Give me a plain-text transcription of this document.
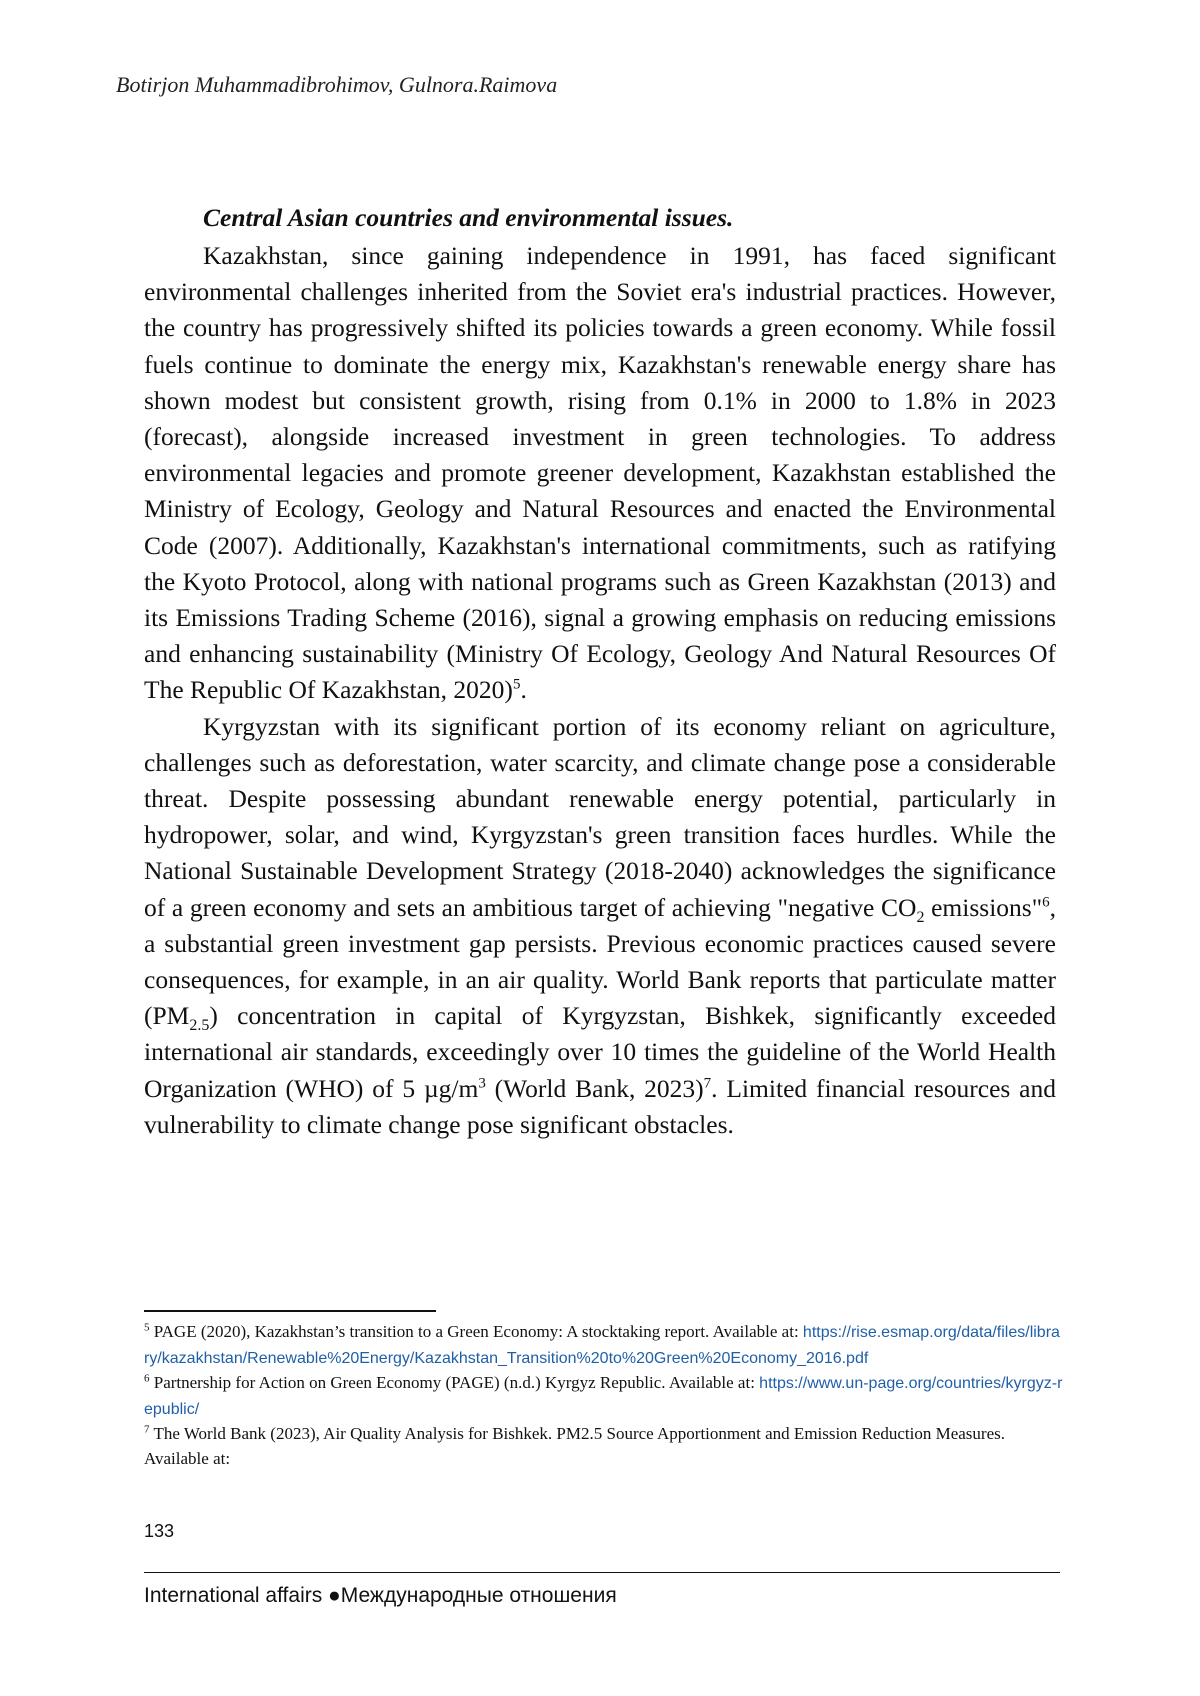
Botirjon Muhammadibrohimov, Gulnora.Raimova
Central Asian countries and environmental issues.

Kazakhstan, since gaining independence in 1991, has faced significant environmental challenges inherited from the Soviet era's industrial practices. However, the country has progressively shifted its policies towards a green economy. While fossil fuels continue to dominate the energy mix, Kazakhstan's renewable energy share has shown modest but consistent growth, rising from 0.1% in 2000 to 1.8% in 2023 (forecast), alongside increased investment in green technologies. To address environmental legacies and promote greener development, Kazakhstan established the Ministry of Ecology, Geology and Natural Resources and enacted the Environmental Code (2007). Additionally, Kazakhstan's international commitments, such as ratifying the Kyoto Protocol, along with national programs such as Green Kazakhstan (2013) and its Emissions Trading Scheme (2016), signal a growing emphasis on reducing emissions and enhancing sustainability (Ministry Of Ecology, Geology And Natural Resources Of The Republic Of Kazakhstan, 2020)$^5$.

Kyrgyzstan with its significant portion of its economy reliant on agriculture, challenges such as deforestation, water scarcity, and climate change pose a considerable threat. Despite possessing abundant renewable energy potential, particularly in hydropower, solar, and wind, Kyrgyzstan's green transition faces hurdles. While the National Sustainable Development Strategy (2018-2040) acknowledges the significance of a green economy and sets an ambitious target of achieving "negative $CO_2$ emissions"$^6$, a substantial green investment gap persists. Previous economic practices caused severe consequences, for example, in an air quality. World Bank reports that particulate matter $(PM_{2.5})$ concentration in capital of Kyrgyzstan, Bishkek, significantly exceeded international air standards, exceedingly over 10 times the guideline of the World Health Organization (WHO) of 5 $\mu g/m^3$ (World Bank, 2023)$^7$. Limited financial resources and vulnerability to climate change pose significant obstacles.

$^5$ PAGE (2020), Kazakhstan’s transition to a Green Economy: A stocktaking report. Available at: https://rise.esmap.org/data/files/library/kazakhstan/Renewable%20Energy/Kazakhstan_Transition%20to%20Green%20Economy_2016.pdf

$^6$ Partnership for Action on Green Economy (PAGE) (n.d.) Kyrgyz Republic. Available at: https://www.un-page.org/countries/kyrgyz-republic/

$^7$ The World Bank (2023), Air Quality Analysis for Bishkek. PM2.5 Source Apportionment and Emission Reduction Measures. Available at:

133
International affairs ●Международные отношения
